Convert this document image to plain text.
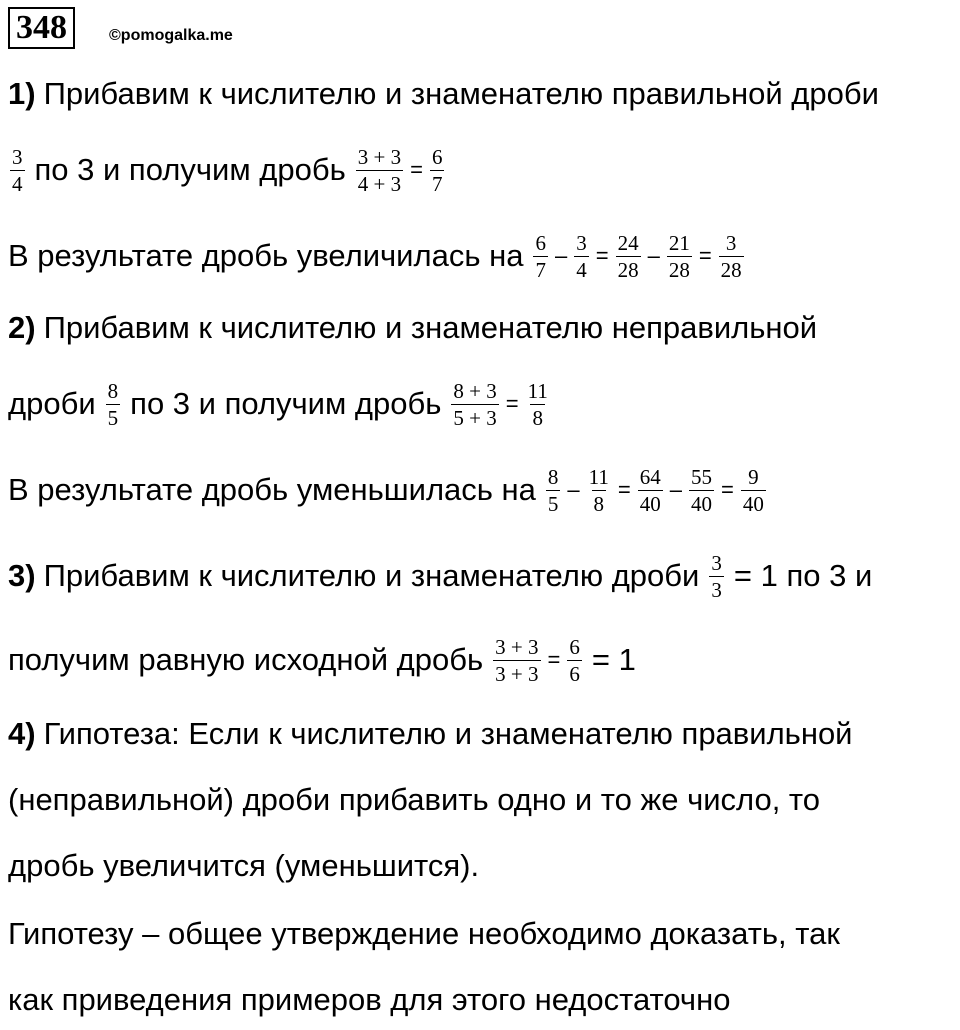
348	©pomogalka.me
1) Прибавим к числителю и знаменателю правильной дроби
$\frac{3}{4}$ по 3 и получим дробь $\frac{3 + 3}{4 + 3} = \frac{6}{7}$
В результате дробь увеличилась на $\frac{6}{7} - \frac{3}{4} = \frac{24}{28} - \frac{21}{28} = \frac{3}{28}$
2) Прибавим к числителю и знаменателю неправильной
дроби $\frac{8}{5}$ по 3 и получим дробь $\frac{8 + 3}{5 + 3} = \frac{11}{8}$
В результате дробь уменьшилась на $\frac{8}{5} - \frac{11}{8} = \frac{64}{40} - \frac{55}{40} = \frac{9}{40}$
3) Прибавим к числителю и знаменателю дроби $\frac{3}{3} = 1$ по 3 и
получим равную исходной дробь $\frac{3 + 3}{3 + 3} = \frac{6}{6} = 1$
4) Гипотеза: Если к числителю и знаменателю правильной
(неправильной) дроби прибавить одно и то же число, то
дробь увеличится (уменьшится).
Гипотезу – общее утверждение необходимо доказать, так
как приведения примеров для этого недостаточно
